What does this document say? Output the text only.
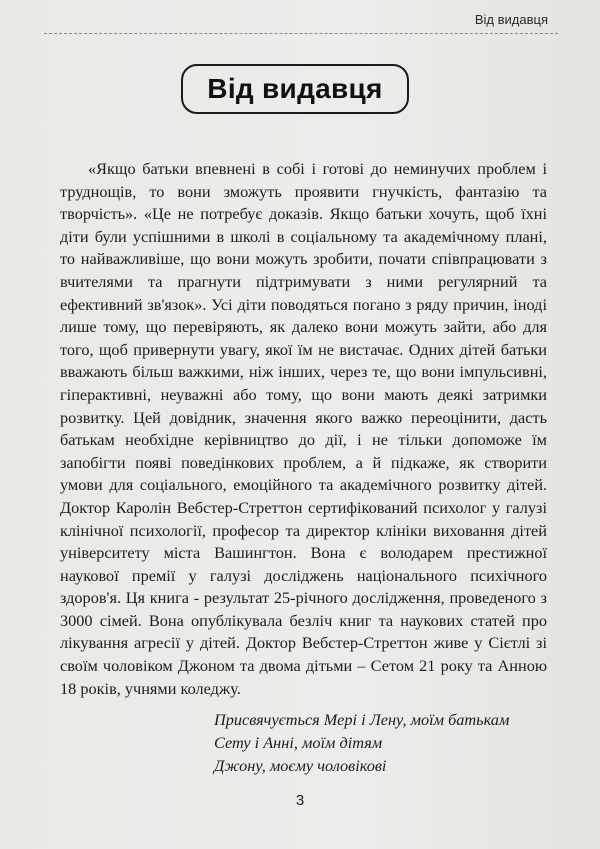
Від видавця
Від видавця

«Якщо батьки впевнені в собі і готові до неминучих проблем і труднощів, то вони зможуть проявити гнучкість, фантазію та творчість». «Це не потребує доказів. Якщо батьки хочуть, щоб їхні діти були успішними в школі в соціальному та академічному плані, то найважливіше, що вони можуть зробити, почати співпрацювати з вчителями та прагнути підтримувати з ними регулярний та ефективний зв'язок». Усі діти поводяться погано з ряду причин, іноді лише тому, що перевіряють, як далеко вони можуть зайти, або для того, щоб привернути увагу, якої їм не вистачає. Одних дітей батьки вважають більш важкими, ніж інших, через те, що вони імпульсивні, гіперактивні, неуважні або тому, що вони мають деякі затримки розвитку. Цей довідник, значення якого важко переоцінити, дасть батькам необхідне керівництво до дії, і не тільки допоможе їм запобігти появі поведінкових проблем, а й підкаже, як створити умови для соціального, емоційного та академічного розвитку дітей. Доктор Каролін Вебстер-Стреттон сертифікований психолог у галузі клінічної психології, професор та директор клініки виховання дітей університету міста Вашингтон. Вона є володарем престижної наукової премії у галузі досліджень національного психічного здоров'я. Ця книга - результат 25-річного дослідження, проведеного з 3000 сімей. Вона опублікувала безліч книг та наукових статей про лікування агресії у дітей. Доктор Вебстер-Стреттон живе у Сієтлі зі своїм чоловіком Джоном та двома дітьми – Сетом 21 року та Анною 18 років, учнями коледжу.

Присвячується Мері і Лену, моїм батькам
Сету і Анні, моїм дітям
Джону, моєму чоловікові
3
